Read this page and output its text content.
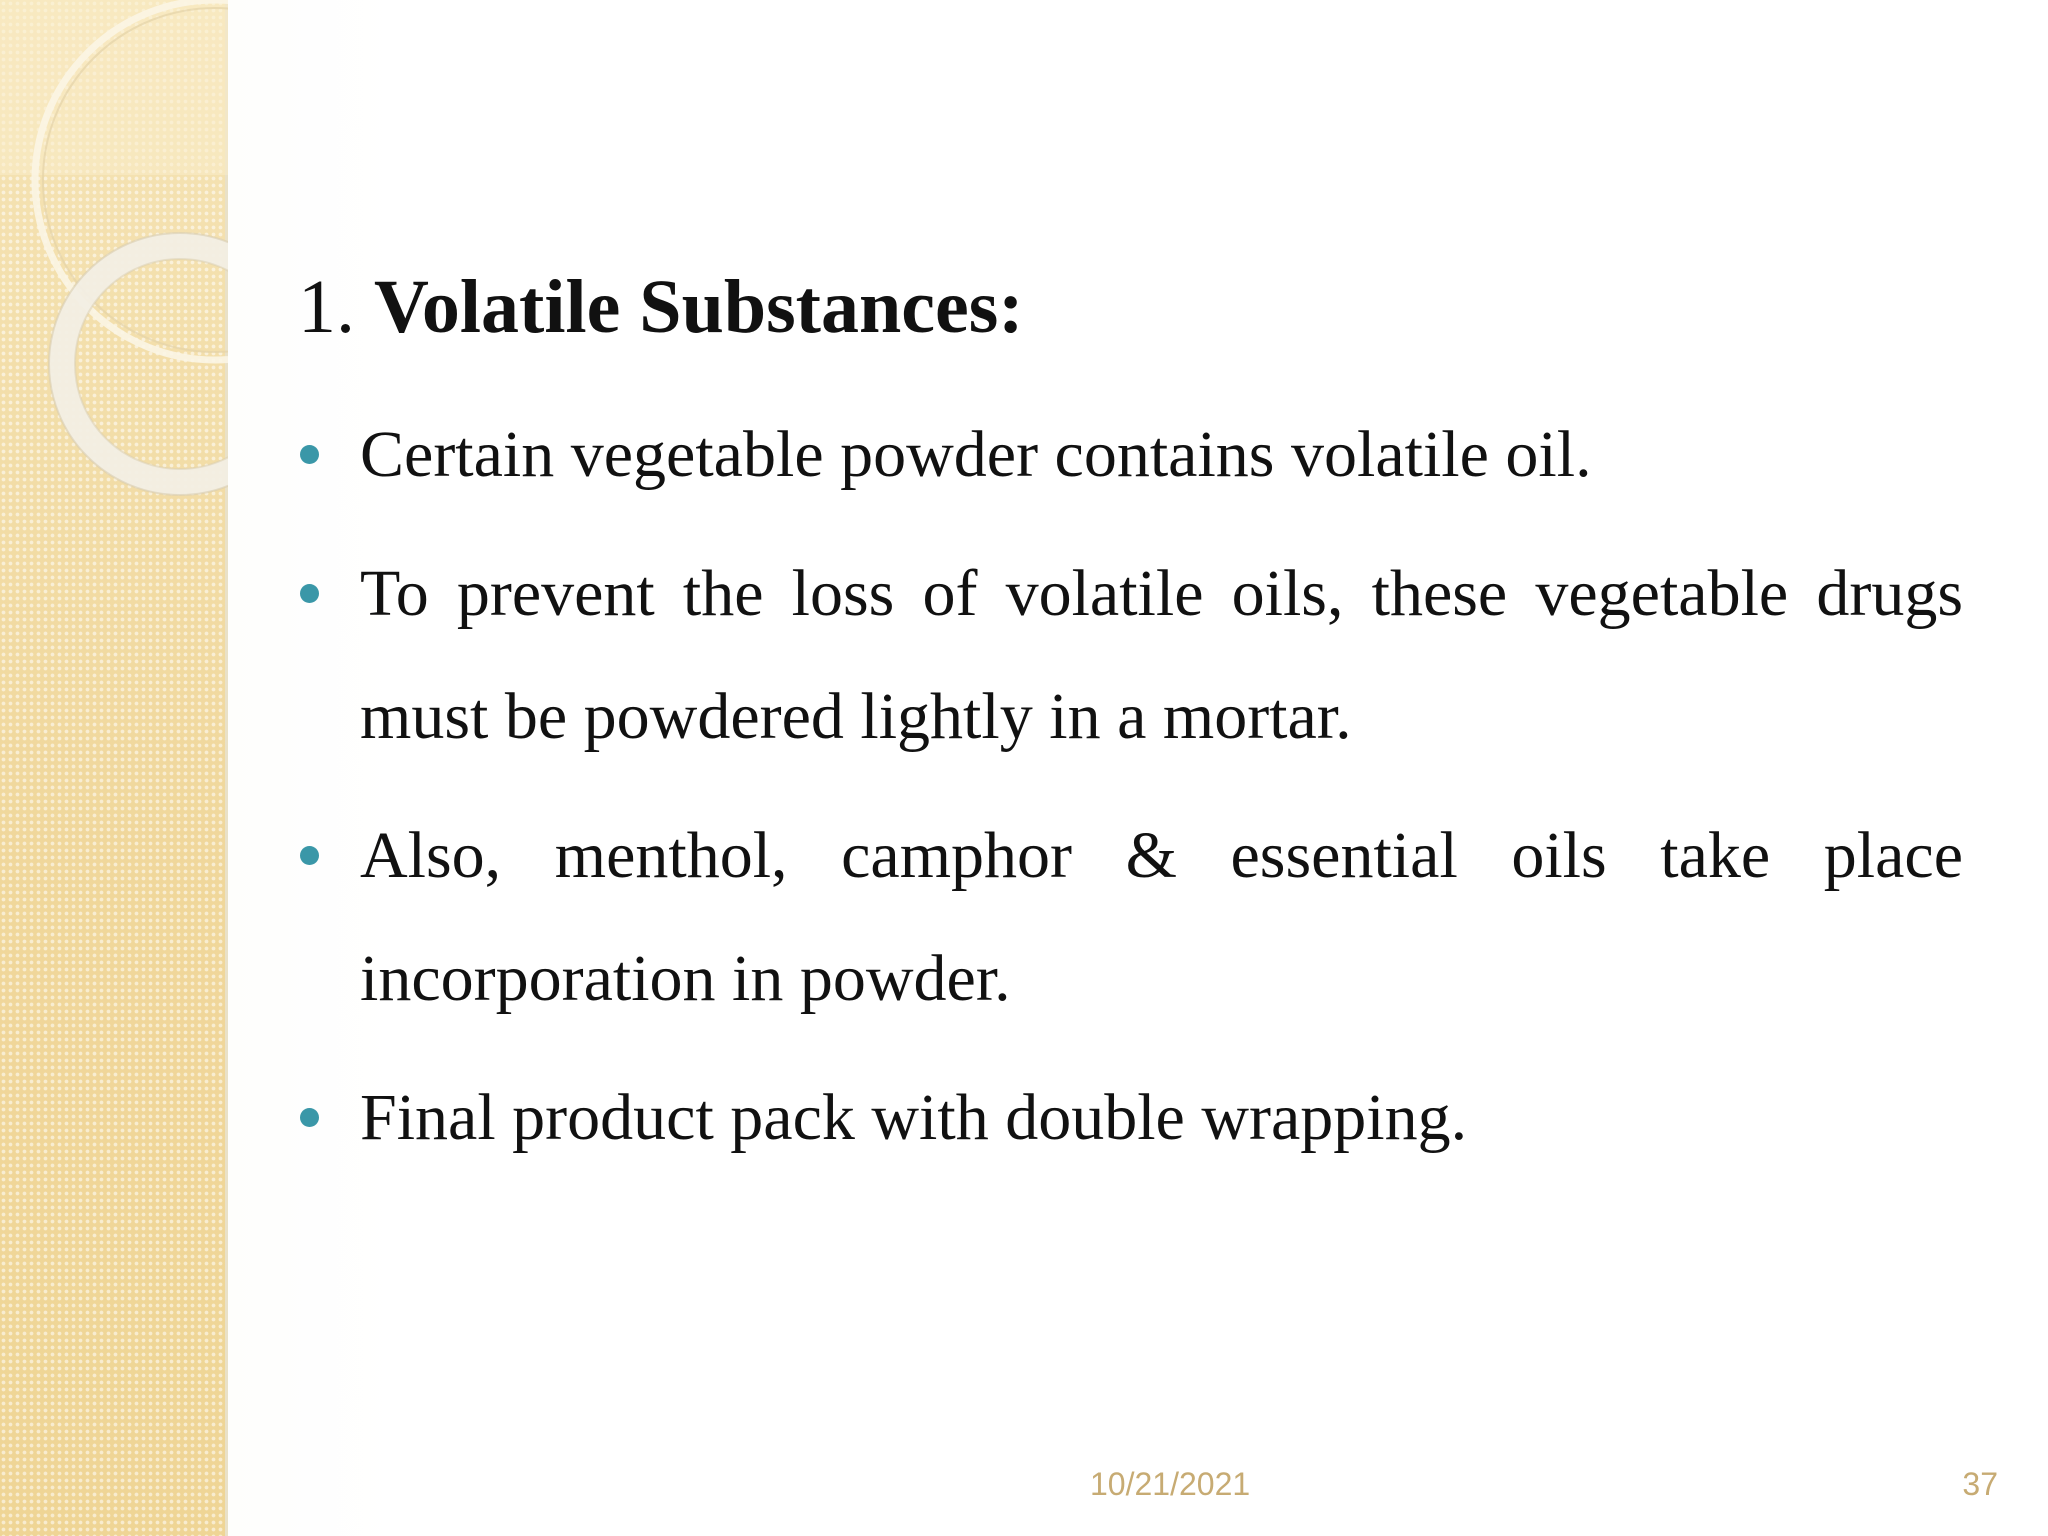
1. Volatile Substances:
Certain vegetable powder contains volatile oil.
To prevent the loss of volatile oils, these vegetable drugs must be powdered lightly in a mortar.
Also, menthol, camphor & essential oils take place incorporation in powder.
Final product pack with double wrapping.
10/21/2021	37
